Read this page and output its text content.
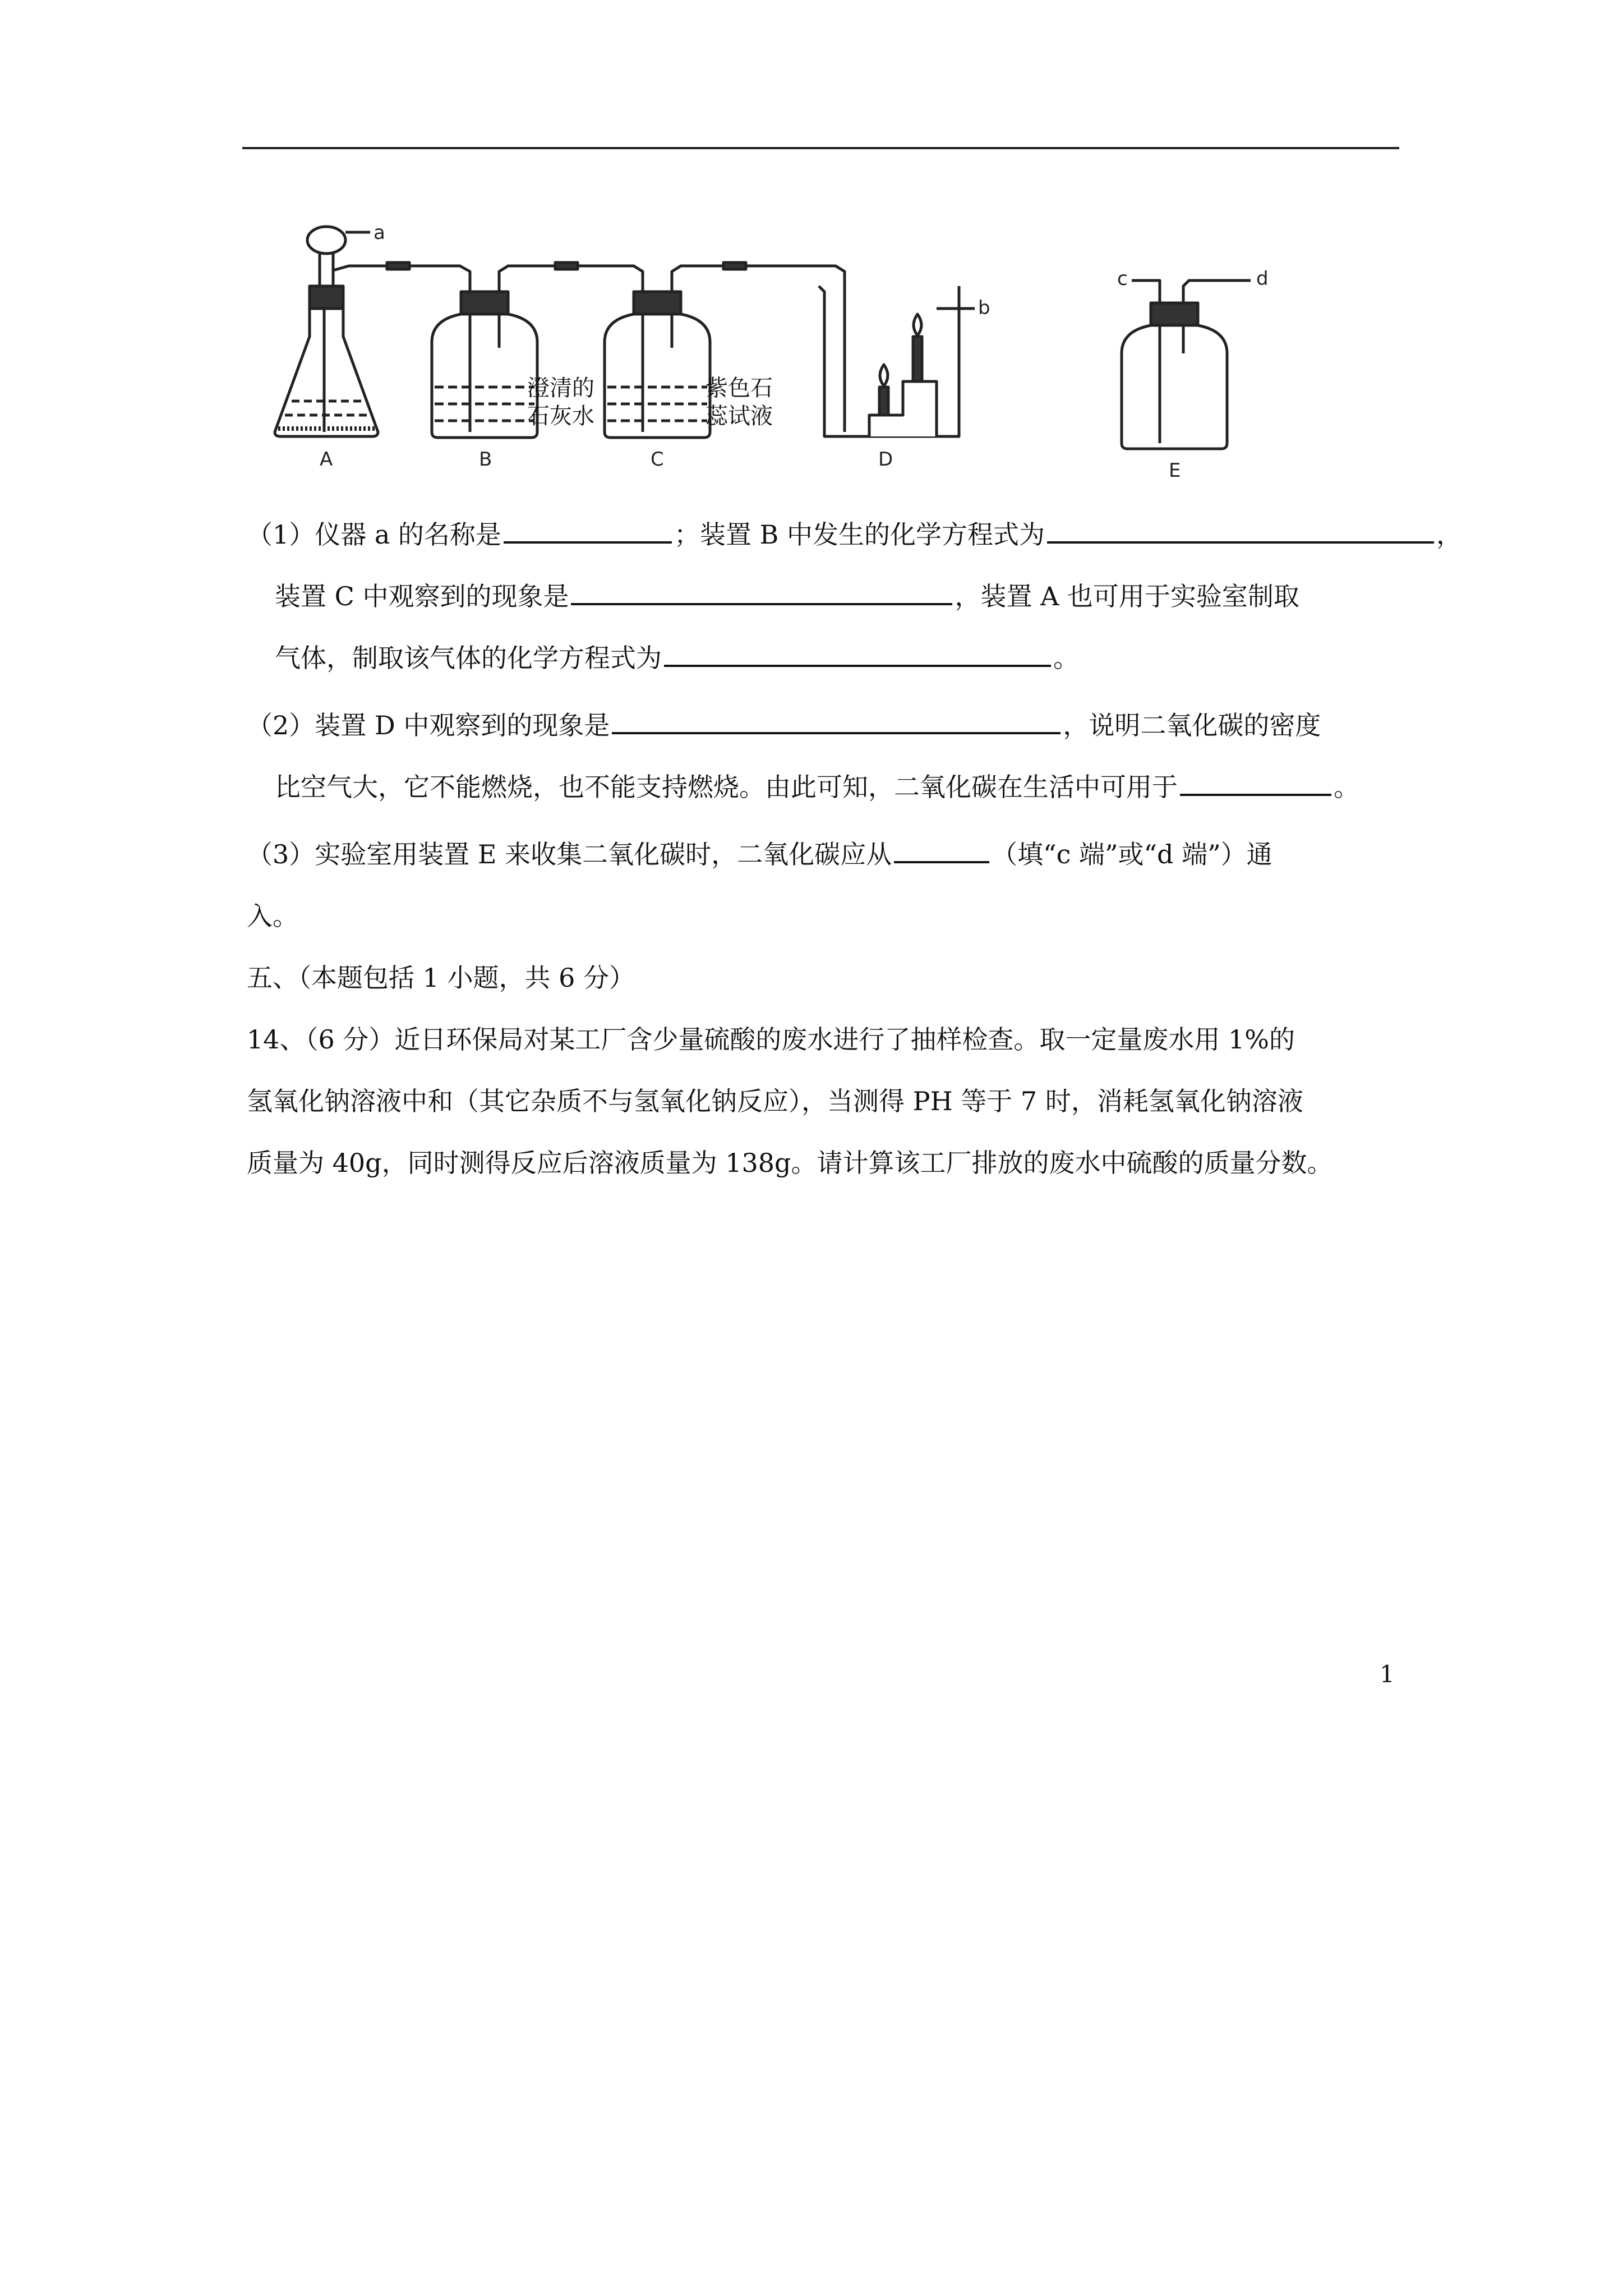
a
b
c	d
A	B	C	D	E
澄清的
石灰水
紫色石
蕊试液
（1）仪器 a 的名称是	；装置 B 中发生的化学方程式为	，
装置 C 中观察到的现象是	，装置 A 也可用于实验室制取
气体，制取该气体的化学方程式为	。
（2）装置 D 中观察到的现象是	，说明二氧化碳的密度
比空气大，它不能燃烧，也不能支持燃烧。由此可知，二氧化碳在生活中可用于	。
（3）实验室用装置 E 来收集二氧化碳时，二氧化碳应从	（填“c 端”或“d 端”）通
入。
五、（本题包括 1 小题，共 6 分）
14、（6 分）近日环保局对某工厂含少量硫酸的废水进行了抽样检查。取一定量废水用 1%的
氢氧化钠溶液中和（其它杂质不与氢氧化钠反应），当测得 PH 等于 7 时，消耗氢氧化钠溶液
质量为 40g，同时测得反应后溶液质量为 138g。请计算该工厂排放的废水中硫酸的质量分数。
1
